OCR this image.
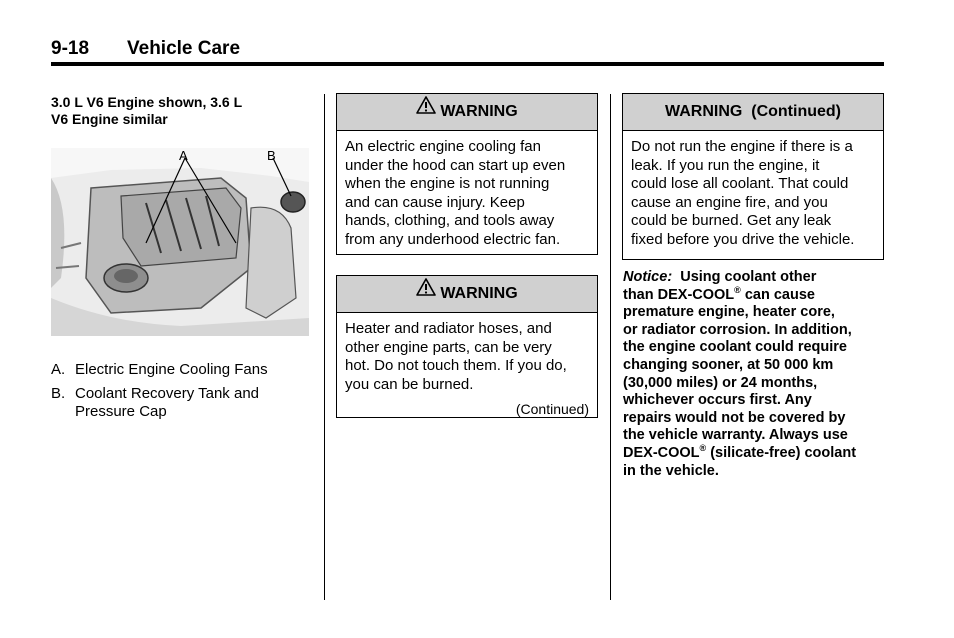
9-18 Vehicle Care
3.0 L V6 Engine shown, 3.6 L
V6 Engine similar
A	B
A. Electric Engine Cooling Fans
B. Coolant Recovery Tank and Pressure Cap
WARNING
An electric engine cooling fan
under the hood can start up even
when the engine is not running
and can cause injury. Keep
hands, clothing, and tools away
from any underhood electric fan.
WARNING
Heater and radiator hoses, and
other engine parts, can be very
hot. Do not touch them. If you do,
you can be burned.
(Continued)
WARNING  (Continued)
Do not run the engine if there is a
leak. If you run the engine, it
could lose all coolant. That could
cause an engine fire, and you
could be burned. Get any leak
fixed before you drive the vehicle.
Notice: Using coolant other
than DEX-COOL® can cause
premature engine, heater core,
or radiator corrosion. In addition,
the engine coolant could require
changing sooner, at 50 000 km
(30,000 miles) or 24 months,
whichever occurs first. Any
repairs would not be covered by
the vehicle warranty. Always use
DEX-COOL® (silicate-free) coolant
in the vehicle.
